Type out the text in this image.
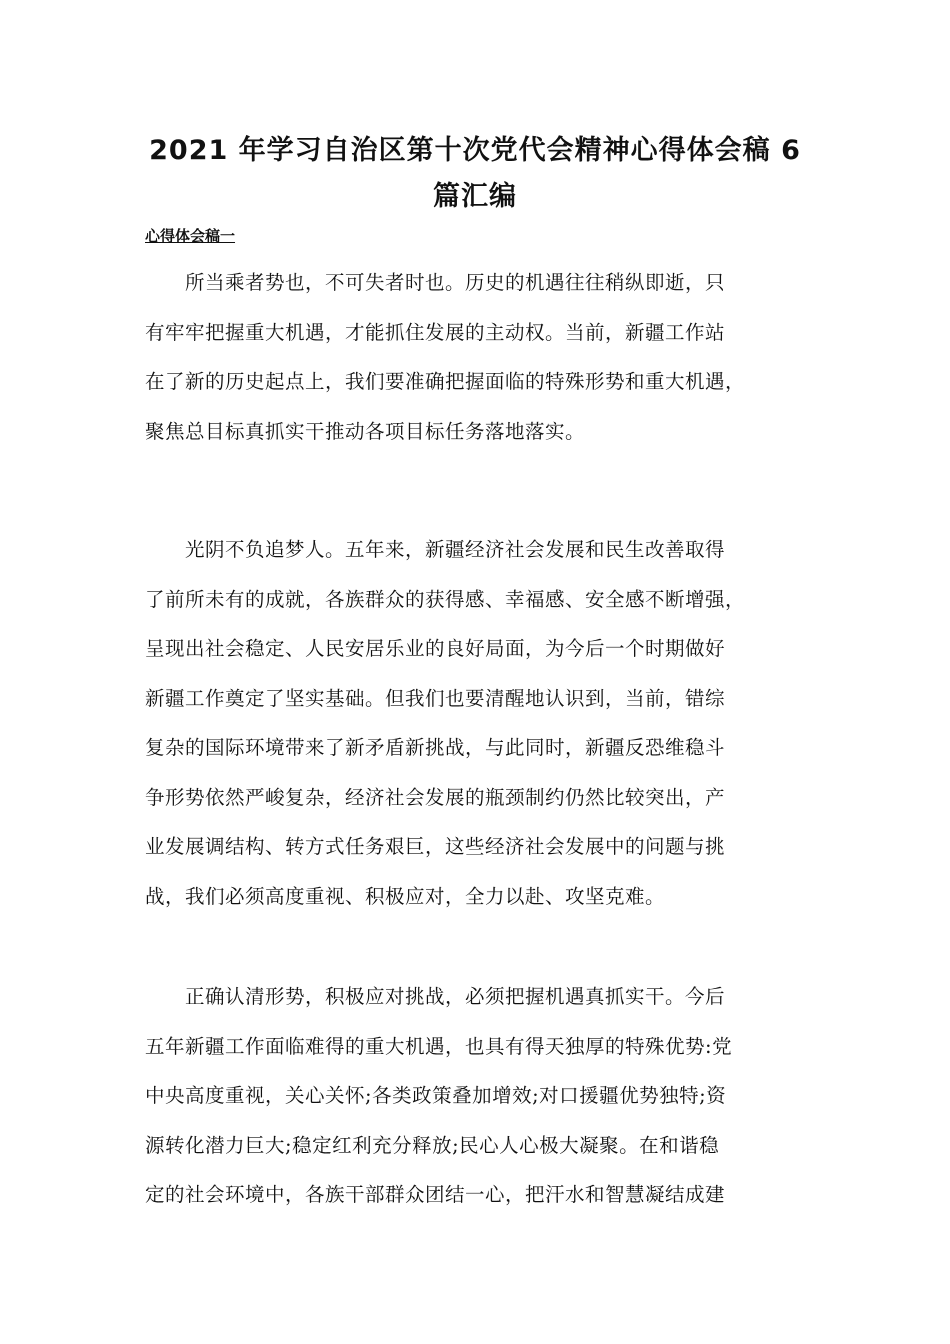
2021 年学习自治区第十次党代会精神心得体会稿 6
篇汇编
心得体会稿一
所当乘者势也，不可失者时也。历史的机遇往往稍纵即逝，只
有牢牢把握重大机遇，才能抓住发展的主动权。当前，新疆工作站
在了新的历史起点上，我们要准确把握面临的特殊形势和重大机遇，
聚焦总目标真抓实干推动各项目标任务落地落实。
光阴不负追梦人。五年来，新疆经济社会发展和民生改善取得
了前所未有的成就，各族群众的获得感、幸福感、安全感不断增强，
呈现出社会稳定、人民安居乐业的良好局面，为今后一个时期做好
新疆工作奠定了坚实基础。但我们也要清醒地认识到，当前，错综
复杂的国际环境带来了新矛盾新挑战，与此同时，新疆反恐维稳斗
争形势依然严峻复杂，经济社会发展的瓶颈制约仍然比较突出，产
业发展调结构、转方式任务艰巨，这些经济社会发展中的问题与挑
战，我们必须高度重视、积极应对，全力以赴、攻坚克难。
正确认清形势，积极应对挑战，必须把握机遇真抓实干。今后
五年新疆工作面临难得的重大机遇，也具有得天独厚的特殊优势:党
中央高度重视，关心关怀;各类政策叠加增效;对口援疆优势独特;资
源转化潜力巨大;稳定红利充分释放;民心人心极大凝聚。在和谐稳
定的社会环境中，各族干部群众团结一心，把汗水和智慧凝结成建
